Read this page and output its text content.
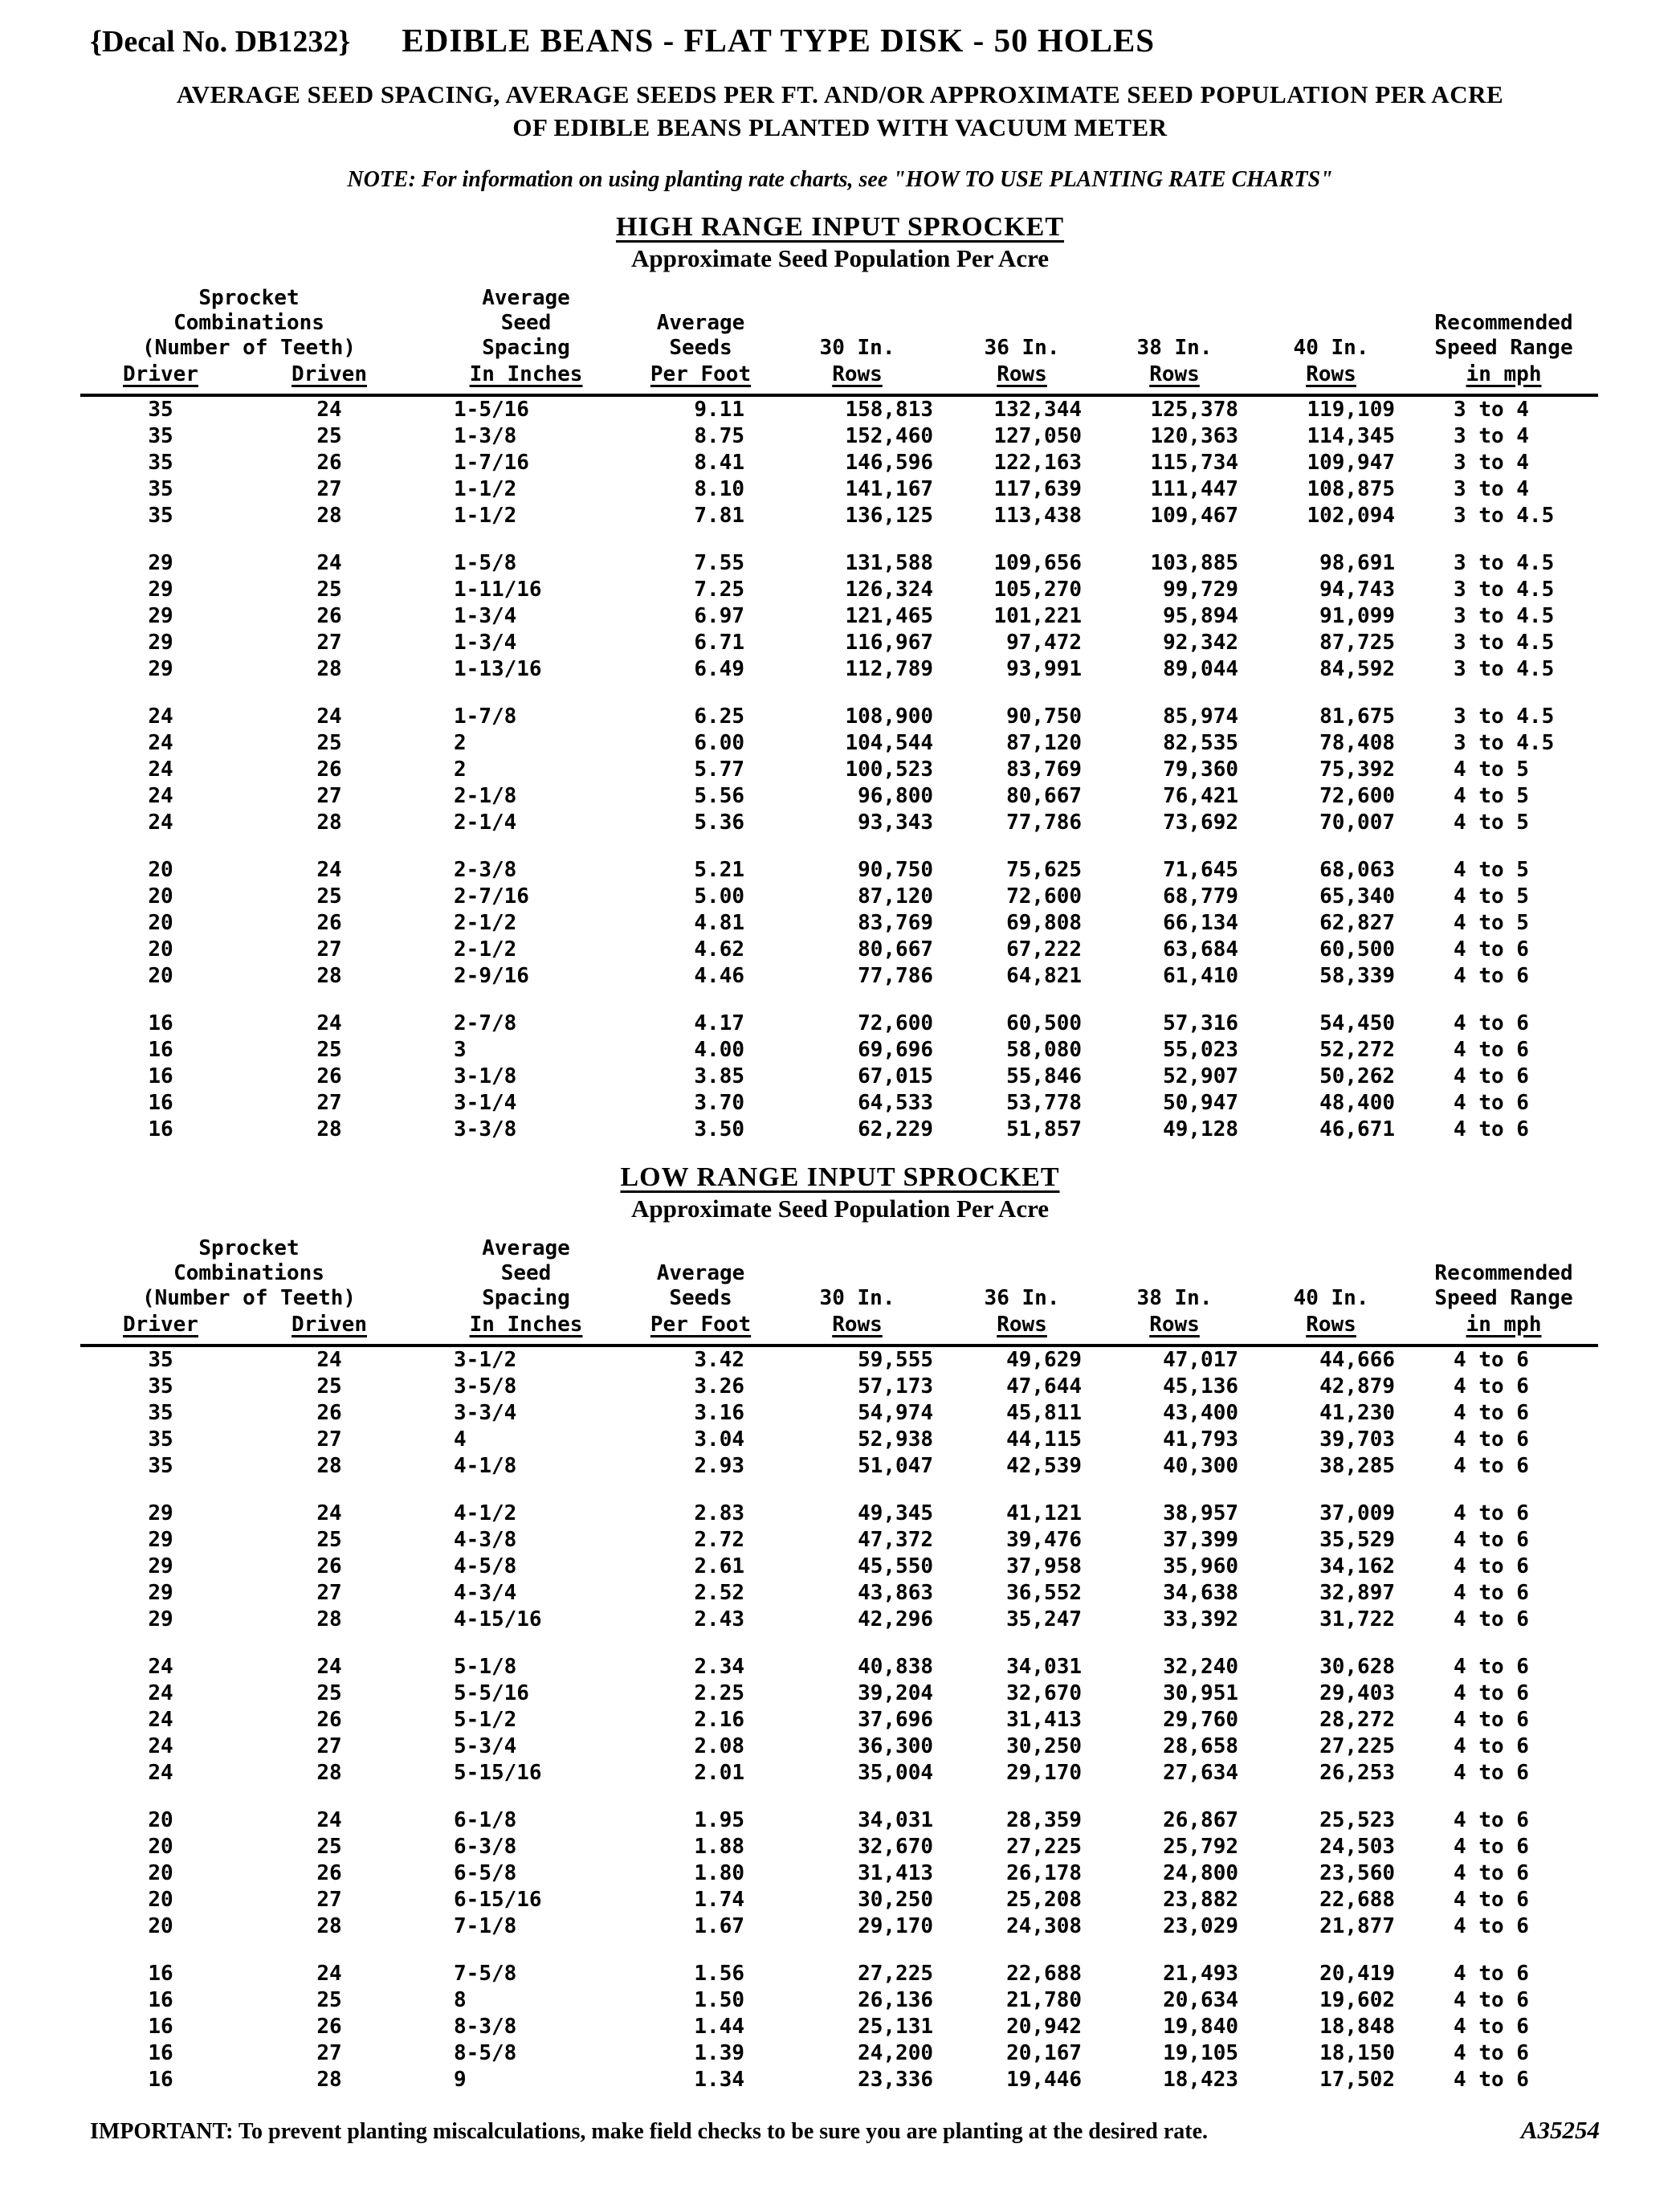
{Decal No. DB1232} EDIBLE BEANS - FLAT TYPE DISK - 50 HOLES
AVERAGE SEED SPACING, AVERAGE SEEDS PER FT. AND/OR APPROXIMATE SEED POPULATION PER ACRE
OF EDIBLE BEANS PLANTED WITH VACUUM METER
NOTE: For information on using planting rate charts, see "HOW TO USE PLANTING RATE CHARTS"
HIGH RANGE INPUT SPROCKET
Approximate Seed Population Per Acre
Sprocket
Combinations
(Number of Teeth)		Average
Seed
Spacing	Average
Seeds	30 In.	36 In.	38 In.	40 In.	Recommended
Speed Range
Driver	Driven	In Inches	Per Foot	Rows	Rows	Rows	Rows	in mph
35	24	1-5/16	9.11	158,813	132,344	125,378	119,109	3 to 4
35	25	1-3/8	8.75	152,460	127,050	120,363	114,345	3 to 4
35	26	1-7/16	8.41	146,596	122,163	115,734	109,947	3 to 4
35	27	1-1/2	8.10	141,167	117,639	111,447	108,875	3 to 4
35	28	1-1/2	7.81	136,125	113,438	109,467	102,094	3 to 4.5

29	24	1-5/8	7.55	131,588	109,656	103,885	98,691	3 to 4.5
29	25	1-11/16	7.25	126,324	105,270	99,729	94,743	3 to 4.5
29	26	1-3/4	6.97	121,465	101,221	95,894	91,099	3 to 4.5
29	27	1-3/4	6.71	116,967	97,472	92,342	87,725	3 to 4.5
29	28	1-13/16	6.49	112,789	93,991	89,044	84,592	3 to 4.5

24	24	1-7/8	6.25	108,900	90,750	85,974	81,675	3 to 4.5
24	25	2	6.00	104,544	87,120	82,535	78,408	3 to 4.5
24	26	2	5.77	100,523	83,769	79,360	75,392	4 to 5
24	27	2-1/8	5.56	96,800	80,667	76,421	72,600	4 to 5
24	28	2-1/4	5.36	93,343	77,786	73,692	70,007	4 to 5

20	24	2-3/8	5.21	90,750	75,625	71,645	68,063	4 to 5
20	25	2-7/16	5.00	87,120	72,600	68,779	65,340	4 to 5
20	26	2-1/2	4.81	83,769	69,808	66,134	62,827	4 to 5
20	27	2-1/2	4.62	80,667	67,222	63,684	60,500	4 to 6
20	28	2-9/16	4.46	77,786	64,821	61,410	58,339	4 to 6

16	24	2-7/8	4.17	72,600	60,500	57,316	54,450	4 to 6
16	25	3	4.00	69,696	58,080	55,023	52,272	4 to 6
16	26	3-1/8	3.85	67,015	55,846	52,907	50,262	4 to 6
16	27	3-1/4	3.70	64,533	53,778	50,947	48,400	4 to 6
16	28	3-3/8	3.50	62,229	51,857	49,128	46,671	4 to 6
LOW RANGE INPUT SPROCKET
Approximate Seed Population Per Acre
Sprocket
Combinations
(Number of Teeth)		Average
Seed
Spacing	Average
Seeds	30 In.	36 In.	38 In.	40 In.	Recommended
Speed Range
Driver	Driven	In Inches	Per Foot	Rows	Rows	Rows	Rows	in mph
35	24	3-1/2	3.42	59,555	49,629	47,017	44,666	4 to 6
35	25	3-5/8	3.26	57,173	47,644	45,136	42,879	4 to 6
35	26	3-3/4	3.16	54,974	45,811	43,400	41,230	4 to 6
35	27	4	3.04	52,938	44,115	41,793	39,703	4 to 6
35	28	4-1/8	2.93	51,047	42,539	40,300	38,285	4 to 6

29	24	4-1/2	2.83	49,345	41,121	38,957	37,009	4 to 6
29	25	4-3/8	2.72	47,372	39,476	37,399	35,529	4 to 6
29	26	4-5/8	2.61	45,550	37,958	35,960	34,162	4 to 6
29	27	4-3/4	2.52	43,863	36,552	34,638	32,897	4 to 6
29	28	4-15/16	2.43	42,296	35,247	33,392	31,722	4 to 6

24	24	5-1/8	2.34	40,838	34,031	32,240	30,628	4 to 6
24	25	5-5/16	2.25	39,204	32,670	30,951	29,403	4 to 6
24	26	5-1/2	2.16	37,696	31,413	29,760	28,272	4 to 6
24	27	5-3/4	2.08	36,300	30,250	28,658	27,225	4 to 6
24	28	5-15/16	2.01	35,004	29,170	27,634	26,253	4 to 6

20	24	6-1/8	1.95	34,031	28,359	26,867	25,523	4 to 6
20	25	6-3/8	1.88	32,670	27,225	25,792	24,503	4 to 6
20	26	6-5/8	1.80	31,413	26,178	24,800	23,560	4 to 6
20	27	6-15/16	1.74	30,250	25,208	23,882	22,688	4 to 6
20	28	7-1/8	1.67	29,170	24,308	23,029	21,877	4 to 6

16	24	7-5/8	1.56	27,225	22,688	21,493	20,419	4 to 6
16	25	8	1.50	26,136	21,780	20,634	19,602	4 to 6
16	26	8-3/8	1.44	25,131	20,942	19,840	18,848	4 to 6
16	27	8-5/8	1.39	24,200	20,167	19,105	18,150	4 to 6
16	28	9	1.34	23,336	19,446	18,423	17,502	4 to 6
IMPORTANT: To prevent planting miscalculations, make field checks to be sure you are planting at the desired rate.	A35254
